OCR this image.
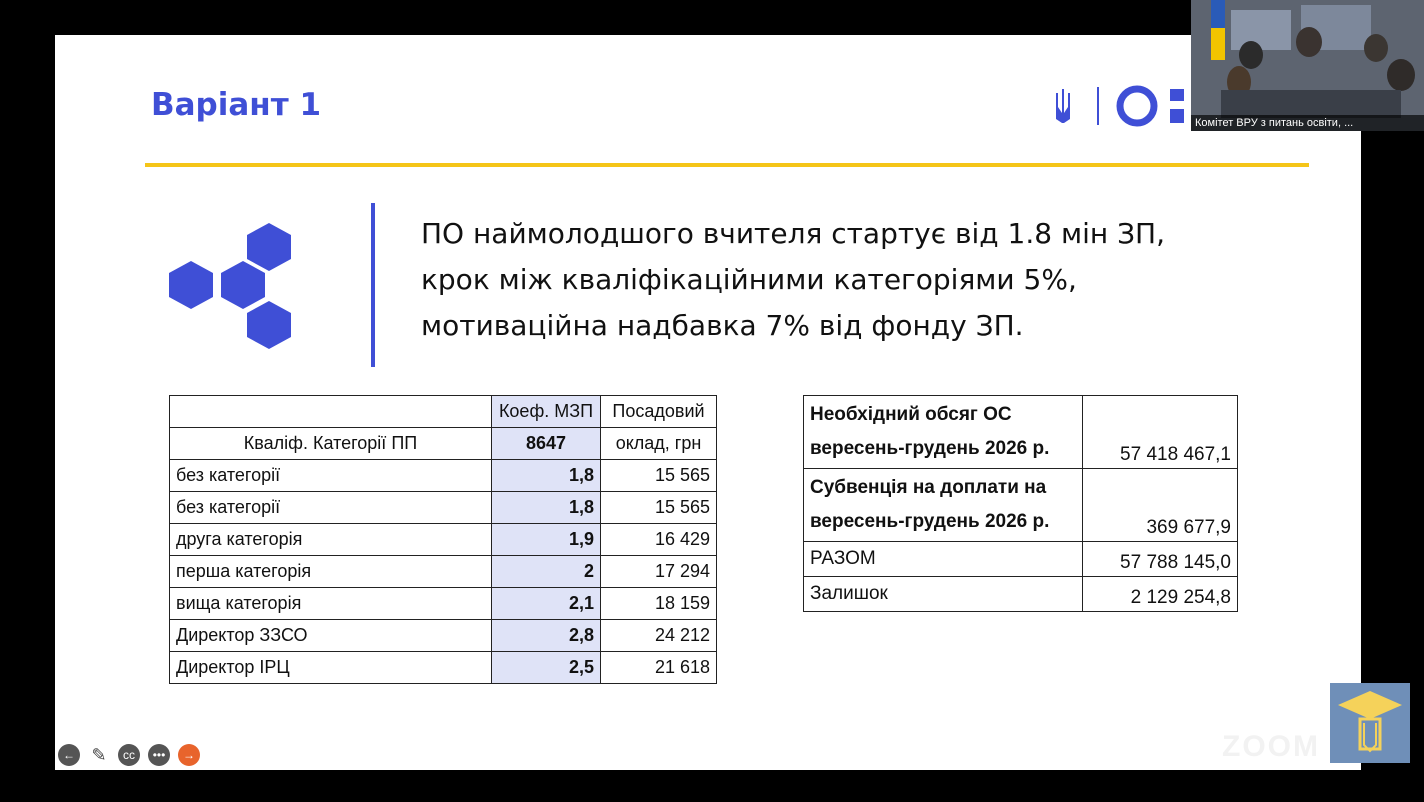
Варіант 1
ПО наймолодшого вчителя стартує від 1.8 мін ЗП,
крок між кваліфікаційними категоріями 5%,
мотиваційна надбавка 7% від фонду ЗП.
	Коеф. МЗП	Посадовий
Кваліф. Категорії ПП	8647	оклад, грн
без категорії	1,8	15 565
без категорії	1,8	15 565
друга категорія	1,9	16 429
перша категорія	2	17 294
вища категорія	2,1	18 159
Директор ЗЗСО	2,8	24 212
Директор ІРЦ	2,5	21 618
Необхідний обсяг ОС
вересень-грудень 2026 р.	57 418 467,1

Субвенція на доплати на
вересень-грудень 2026 р.	369 677,9
РАЗОМ	57 788 145,0
Залишок	2 129 254,8
Комітет ВРУ з питань освіти, ...
← ✎	cc	•••	→	ZOOM
